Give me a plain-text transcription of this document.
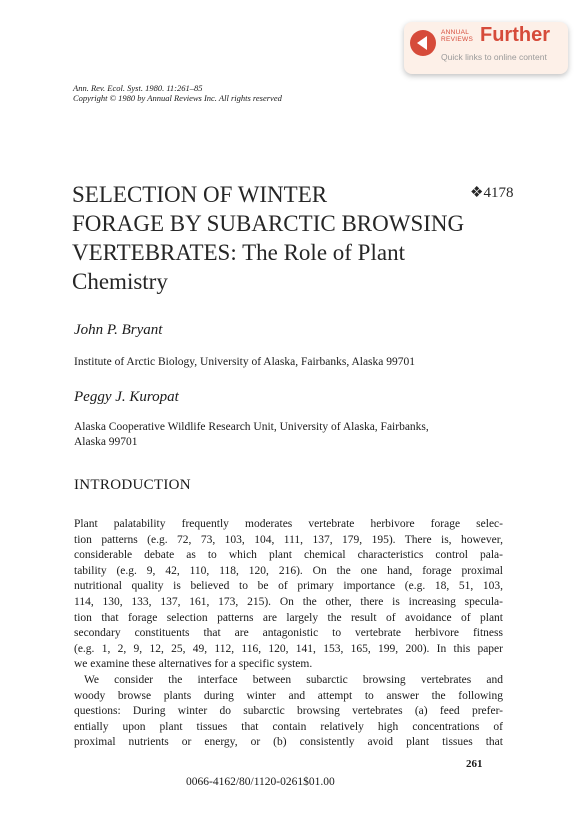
ANNUAL
REVIEWS Further
Quick links to online content
Ann. Rev. Ecol. Syst. 1980. 11:261–85
Copyright © 1980 by Annual Reviews Inc. All rights reserved
SELECTION OF WINTER
FORAGE BY SUBARCTIC BROWSING
VERTEBRATES: The Role of Plant
Chemistry
❖4178
John P. Bryant
Institute of Arctic Biology, University of Alaska, Fairbanks, Alaska 99701
Peggy J. Kuropat
Alaska Cooperative Wildlife Research Unit, University of Alaska, Fairbanks,
Alaska 99701
INTRODUCTION
Plant palatability frequently moderates vertebrate herbivore forage selec-
tion patterns (e.g. 72, 73, 103, 104, 111, 137, 179, 195). There is, however,
considerable debate as to which plant chemical characteristics control pala-
tability (e.g. 9, 42, 110, 118, 120, 216). On the one hand, forage proximal
nutritional quality is believed to be of primary importance (e.g. 18, 51, 103,
114, 130, 133, 137, 161, 173, 215). On the other, there is increasing specula-
tion that forage selection patterns are largely the result of avoidance of plant
secondary constituents that are antagonistic to vertebrate herbivore fitness
(e.g. 1, 2, 9, 12, 25, 49, 112, 116, 120, 141, 153, 165, 199, 200). In this paper
we examine these alternatives for a specific system.
We consider the interface between subarctic browsing vertebrates and
woody browse plants during winter and attempt to answer the following
questions: During winter do subarctic browsing vertebrates (a) feed prefer-
entially upon plant tissues that contain relatively high concentrations of
proximal nutrients or energy, or (b) consistently avoid plant tissues that
261
0066-4162/80/1120-0261$01.00
